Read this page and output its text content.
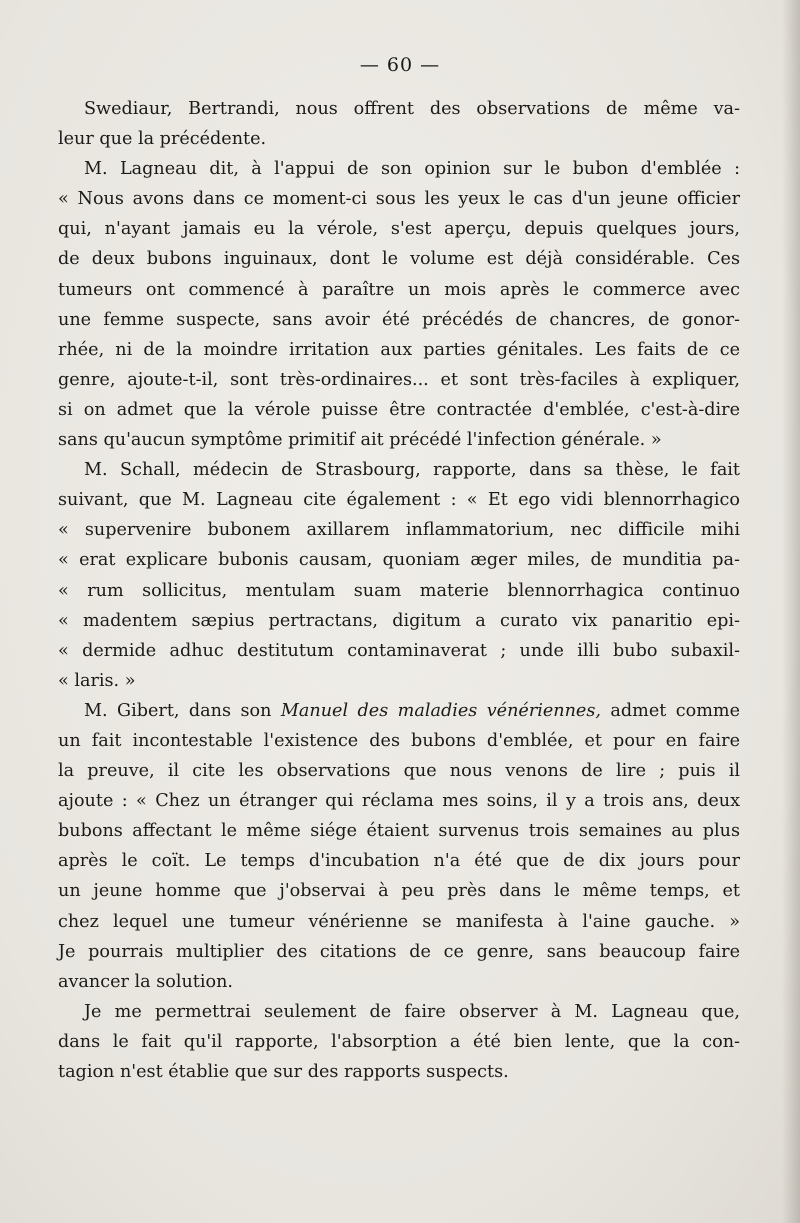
— 60 —
Swediaur, Bertrandi, nous offrent des observations de même va-
leur que la précédente.
M. Lagneau dit, à l'appui de son opinion sur le bubon d'emblée :
« Nous avons dans ce moment-ci sous les yeux le cas d'un jeune officier
qui, n'ayant jamais eu la vérole, s'est aperçu, depuis quelques jours,
de deux bubons inguinaux, dont le volume est déjà considérable. Ces
tumeurs ont commencé à paraître un mois après le commerce avec
une femme suspecte, sans avoir été précédés de chancres, de gonor-
rhée, ni de la moindre irritation aux parties génitales. Les faits de ce
genre, ajoute-t-il, sont très-ordinaires... et sont très-faciles à expliquer,
si on admet que la vérole puisse être contractée d'emblée, c'est-à-dire
sans qu'aucun symptôme primitif ait précédé l'infection générale. »
M. Schall, médecin de Strasbourg, rapporte, dans sa thèse, le fait
suivant, que M. Lagneau cite également : « Et ego vidi blennorrhagico
« supervenire bubonem axillarem inflammatorium, nec difficile mihi
« erat explicare bubonis causam, quoniam æger miles, de munditia pa-
« rum sollicitus, mentulam suam materie blennorrhagica continuo
« madentem sæpius pertractans, digitum a curato vix panaritio epi-
« dermide adhuc destitutum contaminaverat ; unde illi bubo subaxil-
« laris. »
M. Gibert, dans son Manuel des maladies vénériennes, admet comme
un fait incontestable l'existence des bubons d'emblée, et pour en faire
la preuve, il cite les observations que nous venons de lire ; puis il
ajoute : « Chez un étranger qui réclama mes soins, il y a trois ans, deux
bubons affectant le même siége étaient survenus trois semaines au plus
après le coït. Le temps d'incubation n'a été que de dix jours pour
un jeune homme que j'observai à peu près dans le même temps, et
chez lequel une tumeur vénérienne se manifesta à l'aine gauche. »
Je pourrais multiplier des citations de ce genre, sans beaucoup faire
avancer la solution.
Je me permettrai seulement de faire observer à M. Lagneau que,
dans le fait qu'il rapporte, l'absorption a été bien lente, que la con-
tagion n'est établie que sur des rapports suspects.
